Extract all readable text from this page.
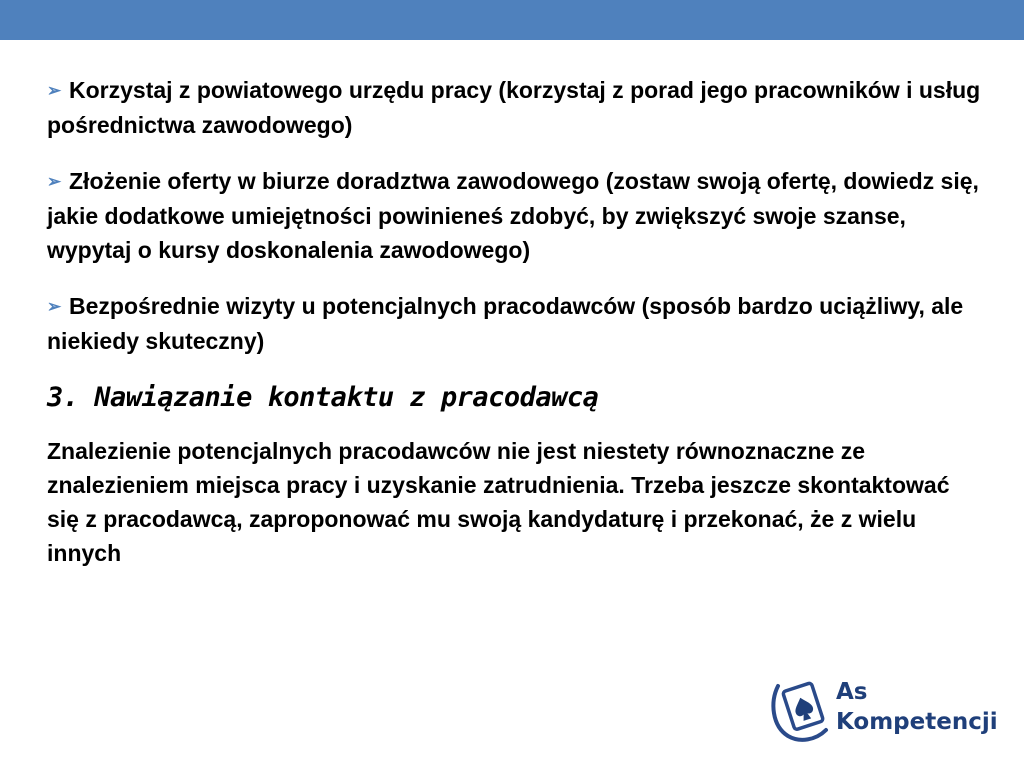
➢ Korzystaj z powiatowego urzędu pracy (korzystaj z porad jego pracowników i usług pośrednictwa zawodowego)

➢ Złożenie oferty w biurze doradztwa zawodowego (zostaw swoją ofertę, dowiedz się, jakie dodatkowe umiejętności powinieneś zdobyć, by zwiększyć swoje szanse, wypytaj o kursy doskonalenia zawodowego)

➢ Bezpośrednie wizyty u potencjalnych pracodawców (sposób bardzo uciążliwy, ale niekiedy skuteczny)

3. Nawiązanie kontaktu z pracodawcą

Znalezienie potencjalnych pracodawców nie jest niestety równoznaczne ze znalezieniem miejsca pracy i uzyskanie zatrudnienia. Trzeba jeszcze skontaktować się z pracodawcą, zaproponować mu swoją kandydaturę i przekonać, że z wielu innych

As
Kompetencji
